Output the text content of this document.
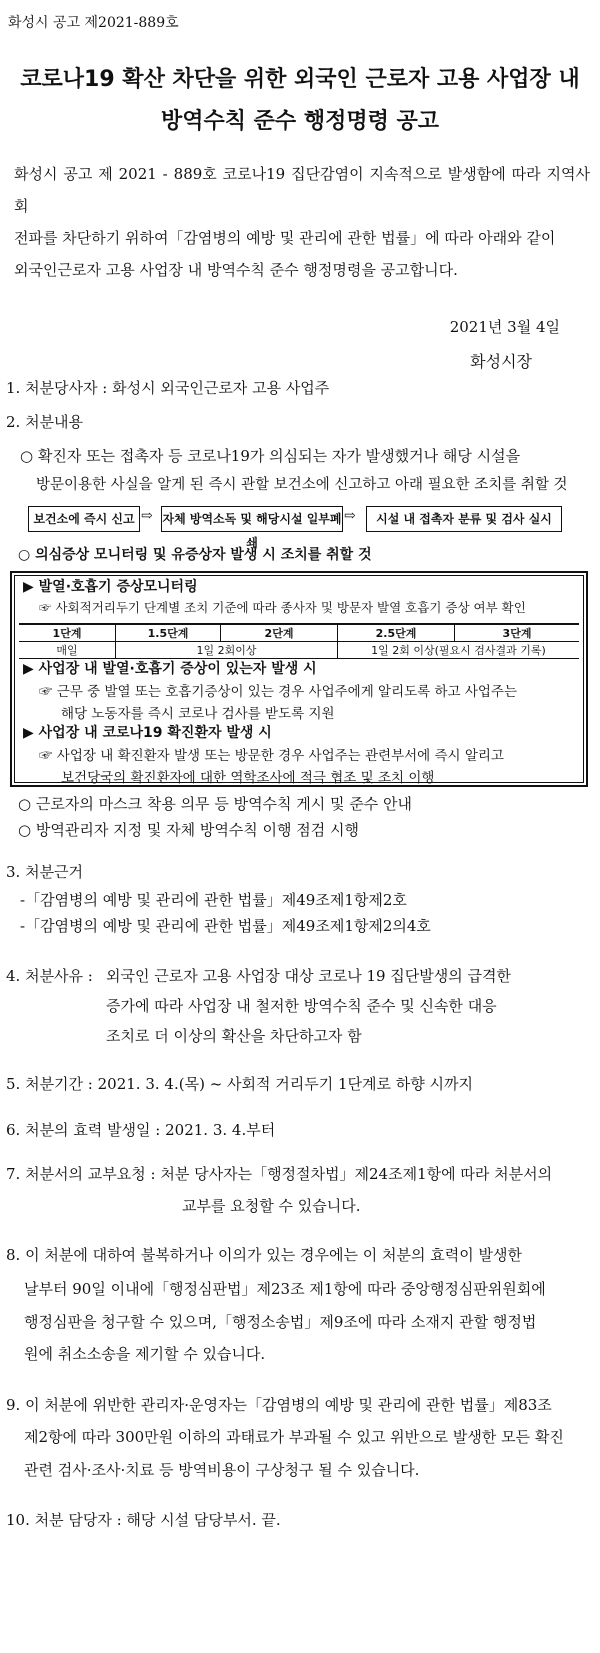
화성시 공고 제2021-889호
코로나19 확산 차단을 위한 외국인 근로자 고용 사업장 내
방역수칙 준수 행정명령 공고
화성시 공고 제 2021 - 889호 코로나19 집단감염이 지속적으로 발생함에 따라 지역사회
전파를 차단하기 위하여「감염병의 예방 및 관리에 관한 법률」에 따라 아래와 같이
외국인근로자 고용 사업장 내 방역수칙 준수 행정명령을 공고합니다.
2021년 3월 4일
화성시장
1. 처분당사자 : 화성시 외국인근로자 고용 사업주
2. 처분내용
○ 확진자 또는 접촉자 등 코로나19가 의심되는 자가 발생했거나 해당 시설을
방문이용한 사실을 알게 된 즉시 관할 보건소에 신고하고 아래 필요한 조치를 취할 것
보건소에 즉시 신고 ⇨ 자체 방역소독 및 해당시설 일부폐쇄
⇨	시설 내 접촉자 분류 및 검사 실시
○ 의심증상 모니터링 및 유증상자 발생 시 조치를 취할 것
▶ 발열·호흡기 증상모니터링
☞ 사회적거리두기 단계별 조치 기준에 따라 종사자 및 방문자 발열 호흡기 증상 여부 확인
1단계	1.5단계	2단계	2.5단계	3단계
매일	1일 2회이상		1일 2회 이상(필요시 검사결과 기록)	
▶ 사업장 내 발열·호흡기 증상이 있는자 발생 시
☞ 근무 중 발열 또는 호흡기증상이 있는 경우 사업주에게 알리도록 하고 사업주는
해당 노동자를 즉시 코로나 검사를 받도록 지원
▶ 사업장 내 코로나19 확진환자 발생 시
☞ 사업장 내 확진환자 발생 또는 방문한 경우 사업주는 관련부서에 즉시 알리고
보건당국의 확진환자에 대한 역학조사에 적극 협조 및 조치 이행
○ 근로자의 마스크 착용 의무 등 방역수칙 게시 및 준수 안내
○ 방역관리자 지정 및 자체 방역수칙 이행 점검 시행
3. 처분근거
-「감염병의 예방 및 관리에 관한 법률」제49조제1항제2호
-「감염병의 예방 및 관리에 관한 법률」제49조제1항제2의4호
4. 처분사유 : 외국인 근로자 고용 사업장 대상 코로나 19 집단발생의 급격한
증가에 따라 사업장 내 철저한 방역수칙 준수 및 신속한 대응
조치로 더 이상의 확산을 차단하고자 함
5. 처분기간 : 2021. 3. 4.(목) ~ 사회적 거리두기 1단계로 하향 시까지
6. 처분의 효력 발생일 : 2021. 3. 4.부터
7. 처분서의 교부요청 : 처분 당사자는「행정절차법」제24조제1항에 따라 처분서의
교부를 요청할 수 있습니다.
8. 이 처분에 대하여 불복하거나 이의가 있는 경우에는 이 처분의 효력이 발생한
날부터 90일 이내에「행정심판법」제23조 제1항에 따라 중앙행정심판위원회에
행정심판을 청구할 수 있으며,「행정소송법」제9조에 따라 소재지 관할 행정법
원에 취소소송을 제기할 수 있습니다.
9. 이 처분에 위반한 관리자·운영자는「감염병의 예방 및 관리에 관한 법률」제83조
제2항에 따라 300만원 이하의 과태료가 부과될 수 있고 위반으로 발생한 모든 확진
관련 검사·조사·치료 등 방역비용이 구상청구 될 수 있습니다.
10. 처분 담당자 : 해당 시설 담당부서. 끝.
